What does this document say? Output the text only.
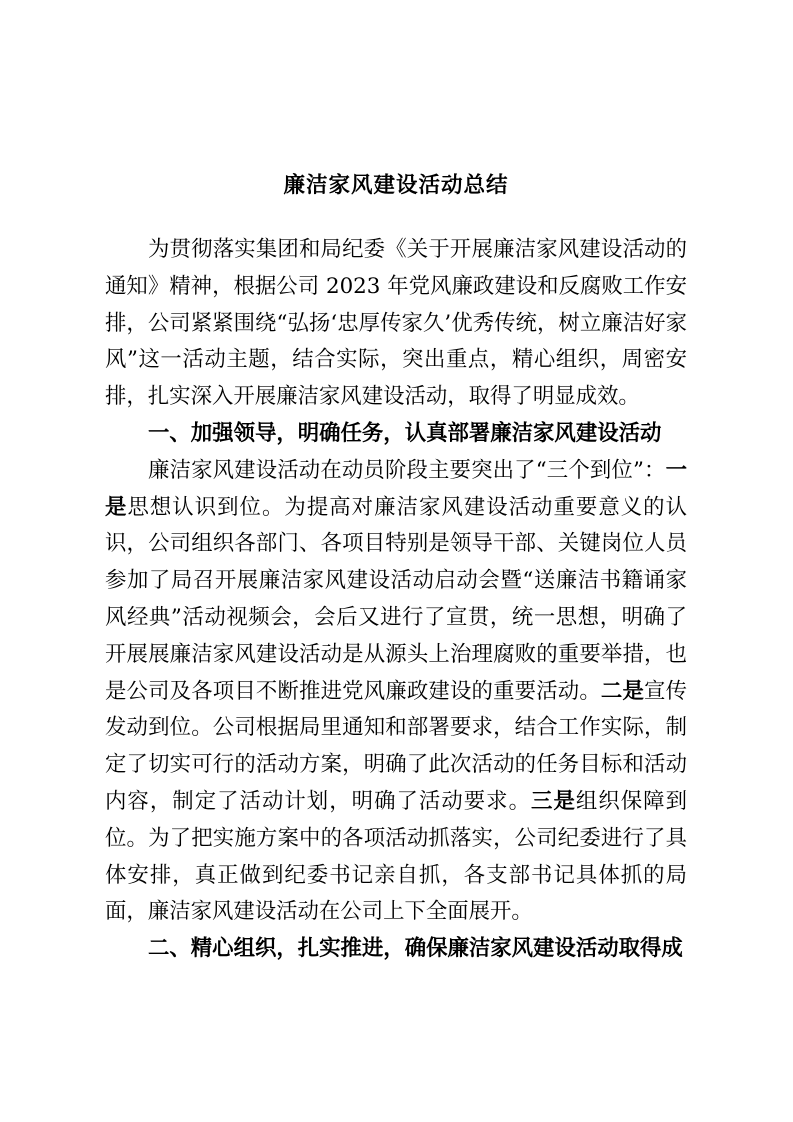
廉洁家风建设活动总结

为贯彻落实集团和局纪委《关于开展廉洁家风建设活动的通知》精神，根据公司 2023 年党风廉政建设和反腐败工作安排，公司紧紧围绕“弘扬‘忠厚传家久’优秀传统，树立廉洁好家风”这一活动主题，结合实际，突出重点，精心组织，周密安排，扎实深入开展廉洁家风建设活动，取得了明显成效。

一、加强领导，明确任务，认真部署廉洁家风建设活动

廉洁家风建设活动在动员阶段主要突出了“三个到位”：一是思想认识到位。为提高对廉洁家风建设活动重要意义的认识，公司组织各部门、各项目特别是领导干部、关键岗位人员参加了局召开展廉洁家风建设活动启动会暨“送廉洁书籍诵家风经典”活动视频会，会后又进行了宣贯，统一思想，明确了开展展廉洁家风建设活动是从源头上治理腐败的重要举措，也是公司及各项目不断推进党风廉政建设的重要活动。二是宣传发动到位。公司根据局里通知和部署要求，结合工作实际，制定了切实可行的活动方案，明确了此次活动的任务目标和活动内容，制定了活动计划，明确了活动要求。三是组织保障到位。为了把实施方案中的各项活动抓落实，公司纪委进行了具体安排，真正做到纪委书记亲自抓，各支部书记具体抓的局面，廉洁家风建设活动在公司上下全面展开。

二、精心组织，扎实推进，确保廉洁家风建设活动取得成
